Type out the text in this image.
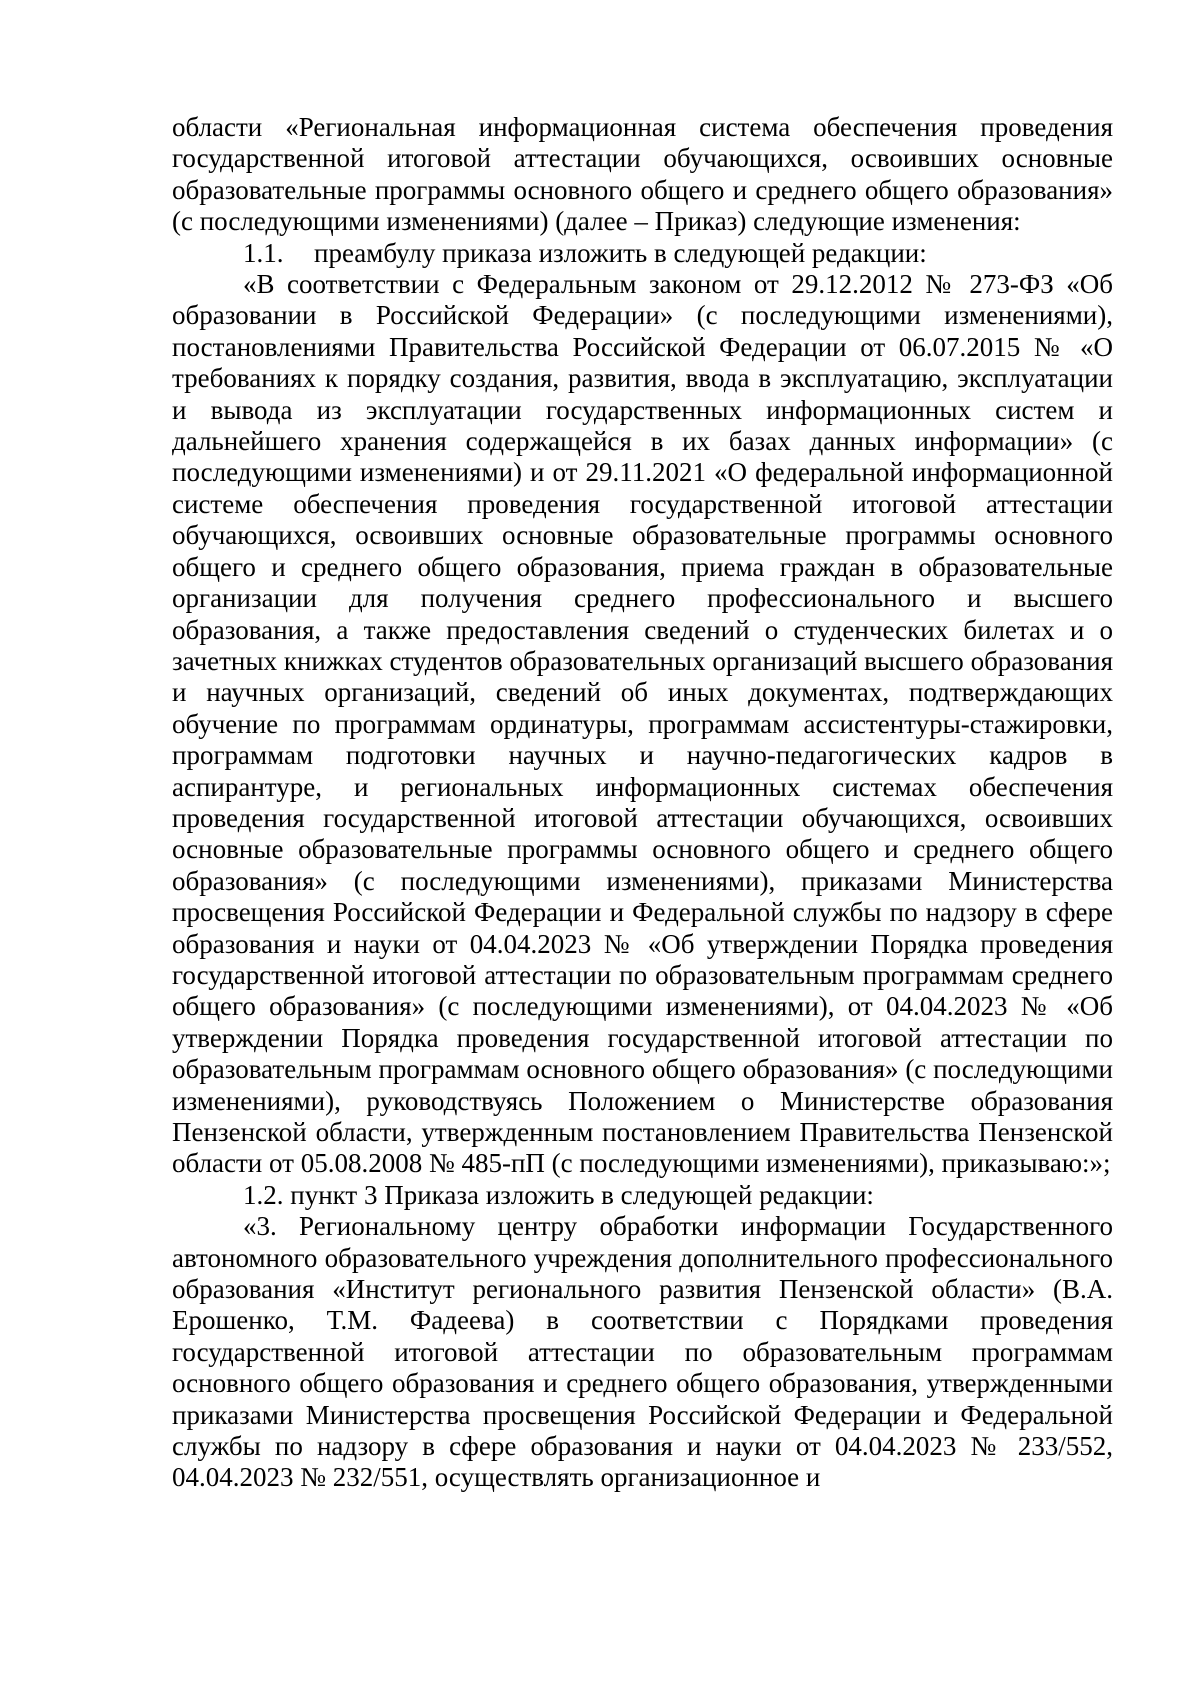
области «Региональная информационная система обеспечения проведения государственной итоговой аттестации обучающихся, освоивших основные образовательные программы основного общего и среднего общего образования» (с последующими изменениями) (далее – Приказ) следующие изменения:

1.1. преамбулу приказа изложить в следующей редакции:

«В соответствии с Федеральным законом от 29.12.2012 № 273-ФЗ «Об образовании в Российской Федерации» (с последующими изменениями), постановлениями Правительства Российской Федерации от 06.07.2015 № «О требованиях к порядку создания, развития, ввода в эксплуатацию, эксплуатации и вывода из эксплуатации государственных информационных систем и дальнейшего хранения содержащейся в их базах данных информации» (с последующими изменениями) и от 29.11.2021 «О федеральной информационной системе обеспечения проведения государственной итоговой аттестации обучающихся, освоивших основные образовательные программы основного общего и среднего общего образования, приема граждан в образовательные организации для получения среднего профессионального и высшего образования, а также предоставления сведений о студенческих билетах и о зачетных книжках студентов образовательных организаций высшего образования и научных организаций, сведений об иных документах, подтверждающих обучение по программам ординатуры, программам ассистентуры-стажировки, программам подготовки научных и научно-педагогических кадров в аспирантуре, и региональных информационных системах обеспечения проведения государственной итоговой аттестации обучающихся, освоивших основные образовательные программы основного общего и среднего общего образования» (с последующими изменениями), приказами Министерства просвещения Российской Федерации и Федеральной службы по надзору в сфере образования и науки от 04.04.2023 № «Об утверждении Порядка проведения государственной итоговой аттестации по образовательным программам среднего общего образования» (с последующими изменениями), от 04.04.2023 № «Об утверждении Порядка проведения государственной итоговой аттестации по образовательным программам основного общего образования» (с последующими изменениями), руководствуясь Положением о Министерстве образования Пензенской области, утвержденным постановлением Правительства Пензенской области от 05.08.2008 № 485-пП (с последующими изменениями), приказываю:»;

1.2. пункт 3 Приказа изложить в следующей редакции:

«3. Региональному центру обработки информации Государственного автономного образовательного учреждения дополнительного профессионального образования «Институт регионального развития Пензенской области» (В.А. Ерошенко, Т.М. Фадеева) в соответствии с Порядками проведения государственной итоговой аттестации по образовательным программам основного общего образования и среднего общего образования, утвержденными приказами Министерства просвещения Российской Федерации и Федеральной службы по надзору в сфере образования и науки от 04.04.2023 № 233/552, 04.04.2023 № 232/551, осуществлять организационное и
